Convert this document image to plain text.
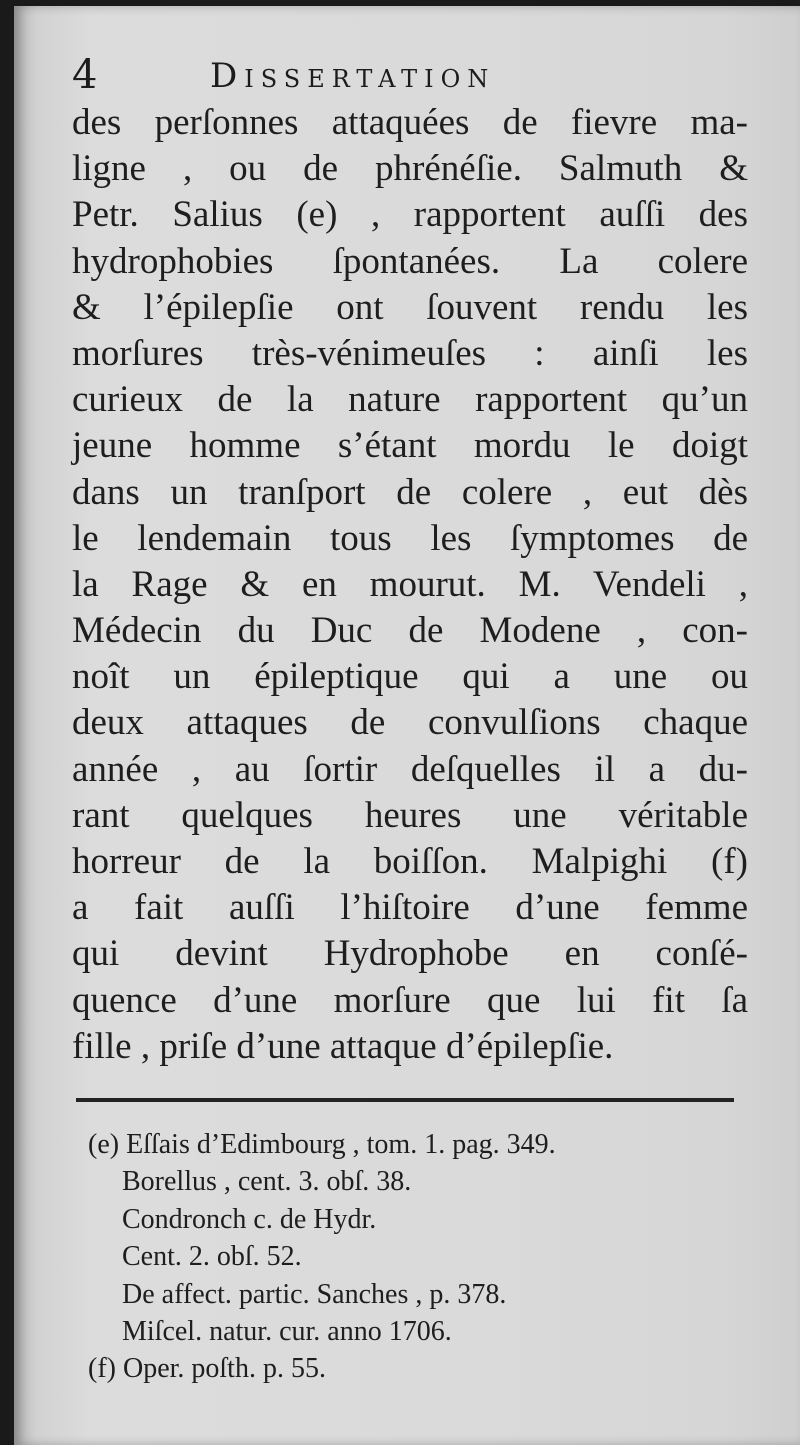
4	Dissertation
des perſonnes attaquées de fievre ma-
ligne , ou de phrénéſie. Salmuth &
Petr. Salius (e) , rapportent auſſi des
hydrophobies ſpontanées. La colere
& l’épilepſie ont ſouvent rendu les
morſures très-vénimeuſes : ainſi les
curieux de la nature rapportent qu’un
jeune homme s’étant mordu le doigt
dans un tranſport de colere , eut dès
le lendemain tous les ſymptomes de
la Rage & en mourut. M. Vendeli ,
Médecin du Duc de Modene , con-
noît un épileptique qui a une ou
deux attaques de convulſions chaque
année , au ſortir deſquelles il a du-
rant quelques heures une véritable
horreur de la boiſſon. Malpighi (f)
a fait auſſi l’hiſtoire d’une femme
qui devint Hydrophobe en conſé-
quence d’une morſure que lui fit ſa
fille , priſe d’une attaque d’épilepſie.
(e) Eſſais d’Edimbourg , tom. 1. pag. 349.
Borellus , cent. 3. obſ. 38.
Condronch c. de Hydr.
Cent. 2. obſ. 52.
De affect. partic. Sanches , p. 378.
Miſcel. natur. cur. anno 1706.
(f) Oper. poſth. p. 55.
